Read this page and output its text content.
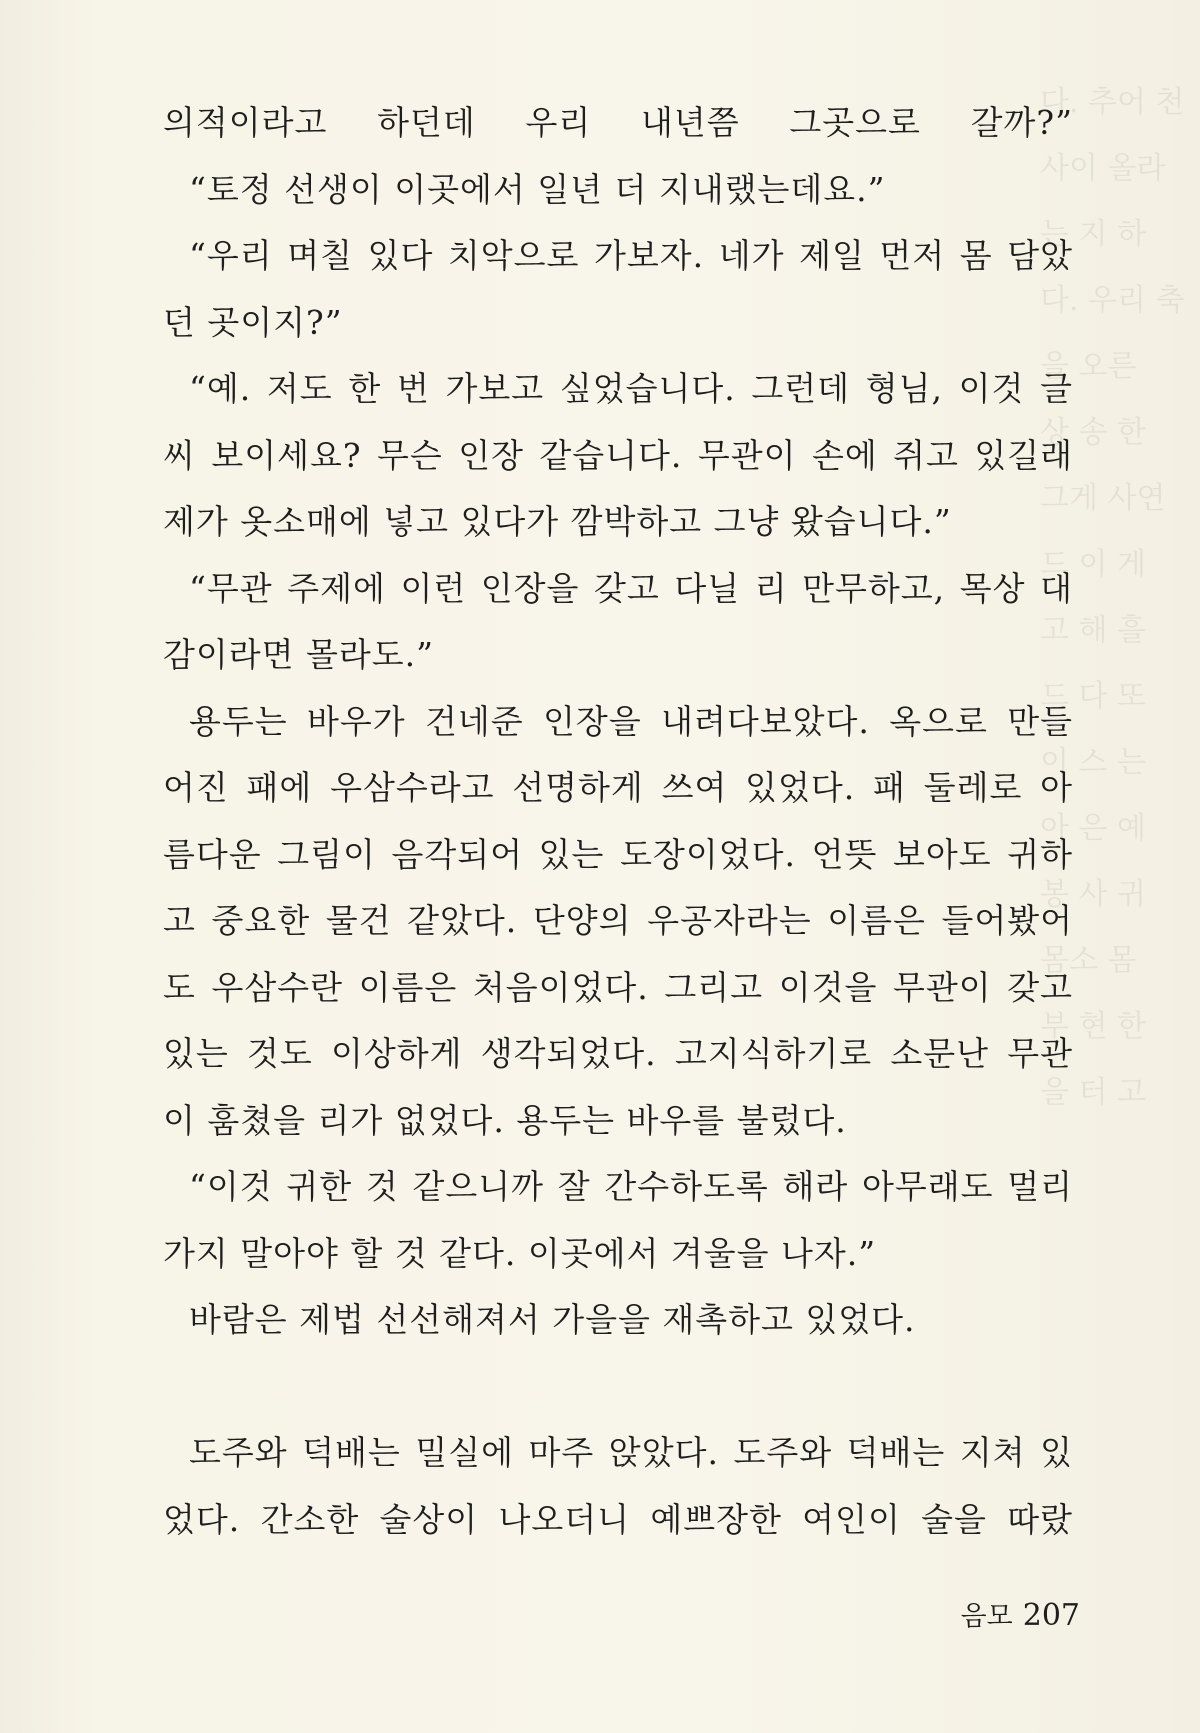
다. 추어 천
사이 올라
는 지 하
다. 우리 축
을 오른
상 송 한
그게 사연
드 이 게
고 해 흘
드 다 또
이 스 는
아 은 예
봉 사 귀
몸소 몸
부 현 한
을 터 고
의적이라고 하던데 우리 내년쯤 그곳으로 갈까?”
“토정 선생이 이곳에서 일년 더 지내랬는데요.”
“우리 며칠 있다 치악으로 가보자. 네가 제일 먼저 몸 담았
던 곳이지?”
“예. 저도 한 번 가보고 싶었습니다. 그런데 형님, 이것 글
씨 보이세요? 무슨 인장 같습니다. 무관이 손에 쥐고 있길래
제가 옷소매에 넣고 있다가 깜박하고 그냥 왔습니다.”
“무관 주제에 이런 인장을 갖고 다닐 리 만무하고, 목상 대
감이라면 몰라도.”
용두는 바우가 건네준 인장을 내려다보았다. 옥으로 만들
어진 패에 우삼수라고 선명하게 쓰여 있었다. 패 둘레로 아
름다운 그림이 음각되어 있는 도장이었다. 언뜻 보아도 귀하
고 중요한 물건 같았다. 단양의 우공자라는 이름은 들어봤어
도 우삼수란 이름은 처음이었다. 그리고 이것을 무관이 갖고
있는 것도 이상하게 생각되었다. 고지식하기로 소문난 무관
이 훔쳤을 리가 없었다. 용두는 바우를 불렀다.
“이것 귀한 것 같으니까 잘 간수하도록 해라 아무래도 멀리
가지 말아야 할 것 같다. 이곳에서 겨울을 나자.”
바람은 제법 선선해져서 가을을 재촉하고 있었다.
도주와 덕배는 밀실에 마주 앉았다. 도주와 덕배는 지쳐 있
었다. 간소한 술상이 나오더니 예쁘장한 여인이 술을 따랐
음모 207
